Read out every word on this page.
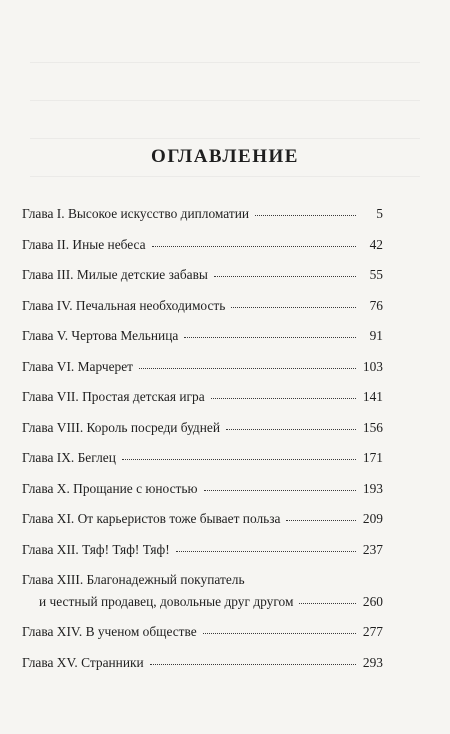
ОГЛАВЛЕНИЕ
Глава I. Высокое искусство дипломатии	5
Глава II. Иные небеса	42
Глава III. Милые детские забавы	55
Глава IV. Печальная необходимость	76
Глава V. Чертова Мельница	91
Глава VI. Марчерет	103
Глава VII. Простая детская игра	141
Глава VIII. Король посреди будней	156
Глава IX. Беглец	171
Глава X. Прощание с юностью	193
Глава XI. От карьеристов тоже бывает польза	209
Глава XII. Тяф! Тяф! Тяф!	237
Глава XIII. Благонадежный покупатель
и честный продавец, довольные друг другом	260
Глава XIV. В ученом обществе	277
Глава XV. Странники	293
